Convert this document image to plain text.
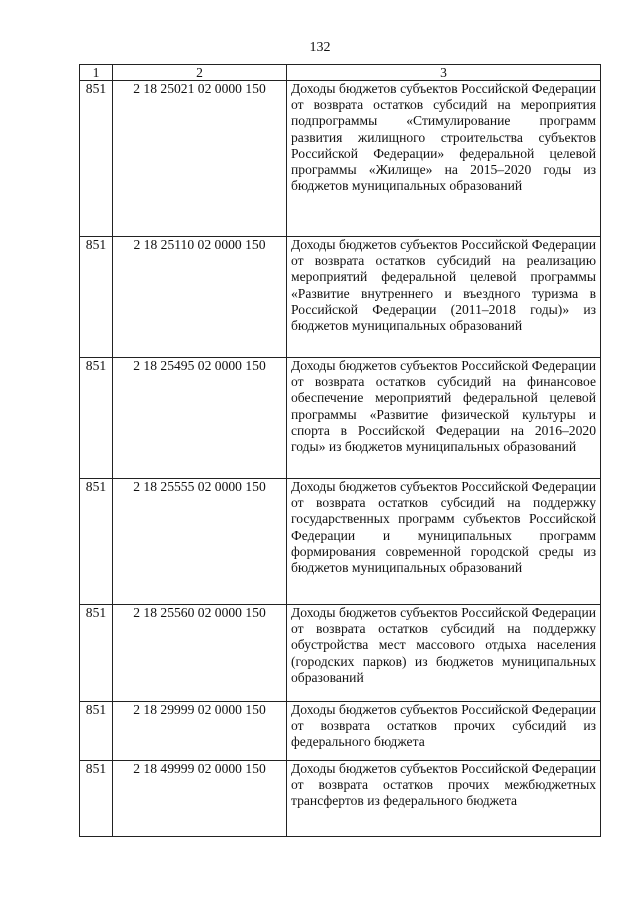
132
1	2	3
851	2 18 25021 02 0000 150	Доходы бюджетов субъектов Российской Федерации от возврата остатков субсидий на мероприятия подпрограммы «Стимулирование программ развития жилищного строительства субъектов Российской Федерации» федеральной целевой программы «Жилище» на 2015–2020 годы из бюджетов муниципальных образований
851	2 18 25110 02 0000 150	Доходы бюджетов субъектов Российской Федерации от возврата остатков субсидий на реализацию мероприятий федеральной целевой программы «Развитие внутреннего и въездного туризма в Российской Федерации (2011–2018 годы)» из бюджетов муниципальных образований
851	2 18 25495 02 0000 150	Доходы бюджетов субъектов Российской Федерации от возврата остатков субсидий на финансовое обеспечение мероприятий федеральной целевой программы «Развитие физической культуры и спорта в Российской Федерации на 2016–2020 годы» из бюджетов муниципальных образований
851	2 18 25555 02 0000 150	Доходы бюджетов субъектов Российской Федерации от возврата остатков субсидий на поддержку государственных программ субъектов Российской Федерации и муниципальных программ формирования современной городской среды из бюджетов муниципальных образований
851	2 18 25560 02 0000 150	Доходы бюджетов субъектов Российской Федерации от возврата остатков субсидий на поддержку обустройства мест массового отдыха населения (городских парков) из бюджетов муниципальных образований
851	2 18 29999 02 0000 150	Доходы бюджетов субъектов Российской Федерации от возврата остатков прочих субсидий из федерального бюджета
851	2 18 49999 02 0000 150	Доходы бюджетов субъектов Российской Федерации от возврата остатков прочих межбюджетных трансфертов из федерального бюджета
